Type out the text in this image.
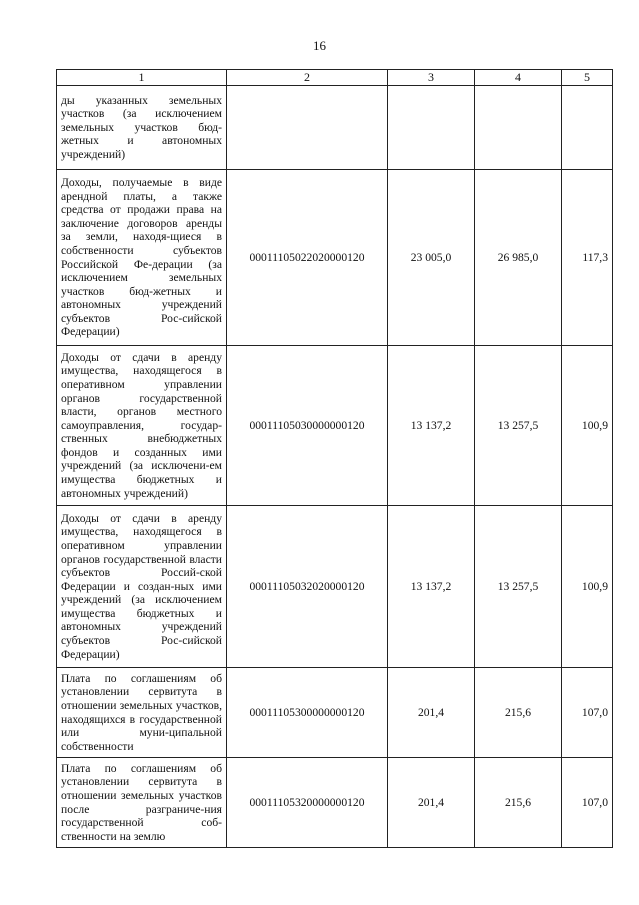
16
1	2	3	4	5
ды указанных земельных участков (за исключением земельных участков бюд-жетных и автономных учреждений)				
Доходы, получаемые в виде арендной платы, а также средства от продажи права на заключение договоров аренды за земли, находя-щиеся в собственности субъектов Российской Фе-дерации (за исключением земельных участков бюд-жетных и автономных учреждений субъектов Рос-сийской Федерации)	00011105022020000120	23 005,0	26 985,0	117,3
Доходы от сдачи в аренду имущества, находящегося в оперативном управлении органов государственной власти, органов местного самоуправления, государ-ственных внебюджетных фондов и созданных ими учреждений (за исключени-ем имущества бюджетных и автономных учреждений)	00011105030000000120	13 137,2	13 257,5	100,9
Доходы от сдачи в аренду имущества, находящегося в оперативном управлении органов государственной власти субъектов Россий-ской Федерации и создан-ных ими учреждений (за исключением имущества бюджетных и автономных учреждений субъектов Рос-сийской Федерации)	00011105032020000120	13 137,2	13 257,5	100,9
Плата по соглашениям об установлении сервитута в отношении земельных участков, находящихся в государственной или муни-ципальной собственности	00011105300000000120	201,4	215,6	107,0
Плата по соглашениям об установлении сервитута в отношении земельных участков после разграниче-ния государственной соб-ственности на землю	00011105320000000120	201,4	215,6	107,0
